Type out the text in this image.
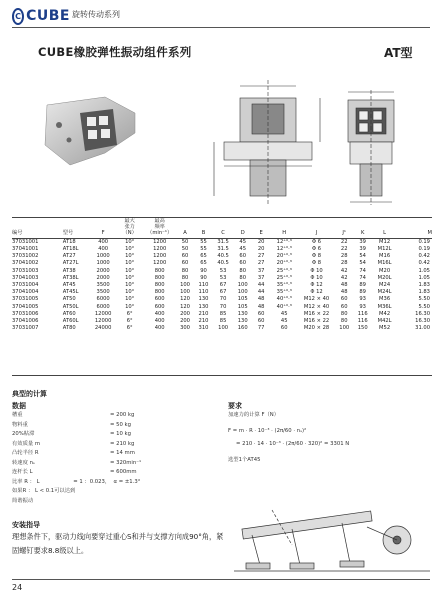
C CUBE 旋转传动系列
CUBE橡胶弹性振动组件系列	AT型
编号	型号	F	最大
张力
（N）	最高
频率
（min⁻¹）	A	B	C	D	E	H	J	J¹	K	L	M
37031001	AT18	400	10°	1200	50	55	31.5	45	20	12⁺⁰·³	Φ 6	22	39	M12	0.19
37041001	AT18L	400	10°	1200	50	55	31.5	45	20	12⁺⁰·³	Φ 6	22	39	M12L	0.19
37031002	AT27	1000	10°	1200	60	65	40.5	60	27	20⁺⁰·³	Φ 8	28	54	M16	0.42
37041002	AT27L	1000	10°	1200	60	65	40.5	60	27	20⁺⁰·³	Φ 8	28	54	M16L	0.42
37031003	AT38	2000	10°	800	80	90	53	80	37	25⁺⁰·³	Φ 10	42	74	M20	1.05
37041003	AT38L	2000	10°	800	80	90	53	80	37	25⁺⁰·³	Φ 10	42	74	M20L	1.05
37031004	AT45	3500	10°	800	100	110	67	100	44	35⁺⁰·³	Φ 12	48	89	M24	1.83
37041004	AT45L	3500	10°	800	100	110	67	100	44	35⁺⁰·³	Φ 12	48	89	M24L	1.83
37031005	AT50	6000	10°	600	120	130	70	105	48	40⁺⁰·³	M12 × 40	60	93	M36	5.50
37041005	AT50L	6000	10°	600	120	130	70	105	48	40⁺⁰·³	M12 × 40	60	93	M36L	5.50
37031006	AT60	12000	6°	400	200	210	85	130	60	45	M16 × 22	80	116	M42	16.30
37041006	AT60L	12000	6°	400	200	210	85	130	60	45	M16 × 22	80	116	M42L	16.30
37031007	AT80	24000	6°	400	300	310	100	160	77	60	M20 × 28	100	150	M52	31.00
典型的计算
数据
槽重	= 200 kg
物料重	= 50 kg
20%粘滞	= 10 kg
有效质量 m	= 210 kg
凸轮半径 R	= 14 mm
转速度 nₛ	= 320min⁻¹
连杆长 L	= 600mm
比率 R ： L                    = 1 ：0.023，  α = ±1.3°
如果R ： L < 0.1可以达到
简谐振动
要求
加速力的计算 F（N）
F = m · R · 10⁻³ · (2π/60 · nₛ)²
= 210 · 14 · 10⁻³ · (2π/60 · 320)² = 3301 N
选型1个AT45
安装指导
理想条件下，驱动力线向要穿过重心S和并与支撑方向成90°角，紧固螺钉要求8.8级以上。
24
